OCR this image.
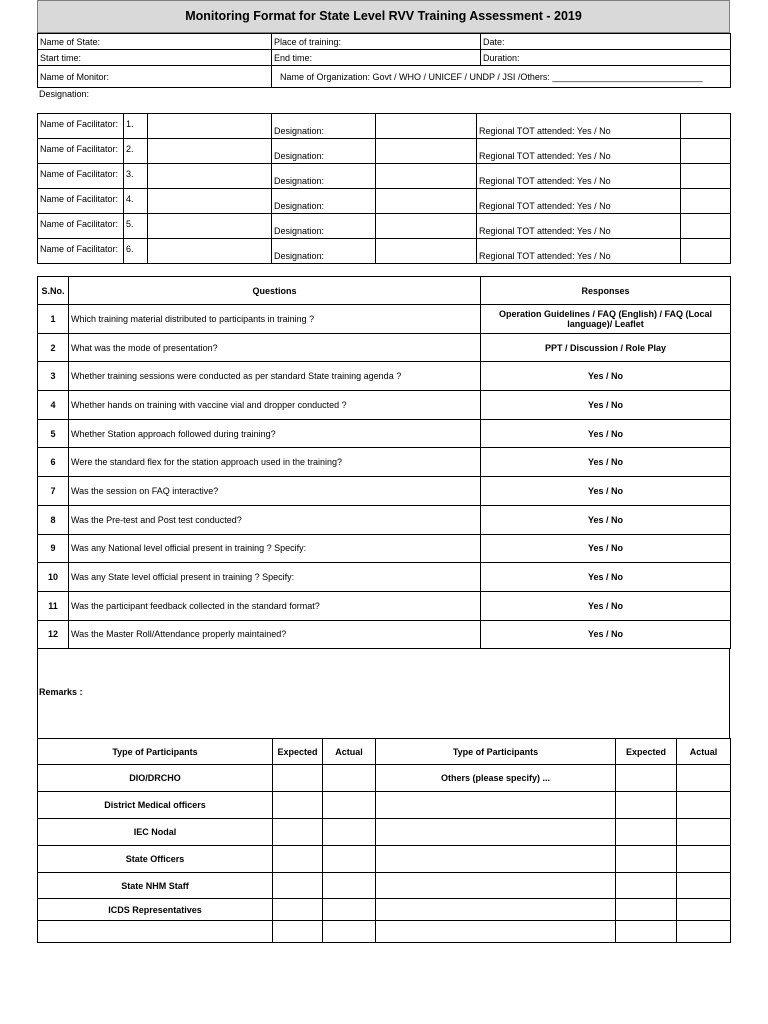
Monitoring Format for State Level RVV Training Assessment - 2019
Name of State:	Place of training:	Date:
Start time:	End time:	Duration:
Name of Monitor:	Name of Organization: Govt / WHO / UNICEF / UNDP / JSI /Others: ______________________________	
Designation:
Name of Facilitator:	1.		Designation:		Regional TOT attended: Yes / No	
Name of Facilitator:	2.		Designation:		Regional TOT attended: Yes / No	
Name of Facilitator:	3.		Designation:		Regional TOT attended: Yes / No	
Name of Facilitator:	4.		Designation:		Regional TOT attended: Yes / No	
Name of Facilitator:	5.		Designation:		Regional TOT attended: Yes / No	
Name of Facilitator:	6.		Designation:		Regional TOT attended: Yes / No	
S.No.	Questions	Responses
1	Which training material distributed to participants in training ?	Operation Guidelines / FAQ (English) / FAQ (Local language)/ Leaflet
2	What was the mode of presentation?	PPT / Discussion / Role Play
3	Whether training sessions were conducted as per standard State training agenda ?	Yes / No
4	Whether hands on training with vaccine vial and dropper conducted ?	Yes / No
5	Whether Station approach followed during training?	Yes / No
6	Were the standard flex for the station approach used in the training?	Yes / No
7	Was the session on FAQ interactive?	Yes / No
8	Was the Pre-test and Post test conducted?	Yes / No
9	Was any National level official present in training ? Specify:	Yes / No
10	Was any State level official present in training ? Specify:	Yes / No
11	Was the participant feedback collected in the standard format?	Yes / No
12	Was the Master Roll/Attendance properly maintained?	Yes / No
Remarks :
Type of Participants	Expected	Actual	Type of Participants	Expected	Actual
DIO/DRCHO			Others (please specify) ...		
District Medical officers					
IEC Nodal					
State Officers					
State NHM Staff					
ICDS Representatives					
